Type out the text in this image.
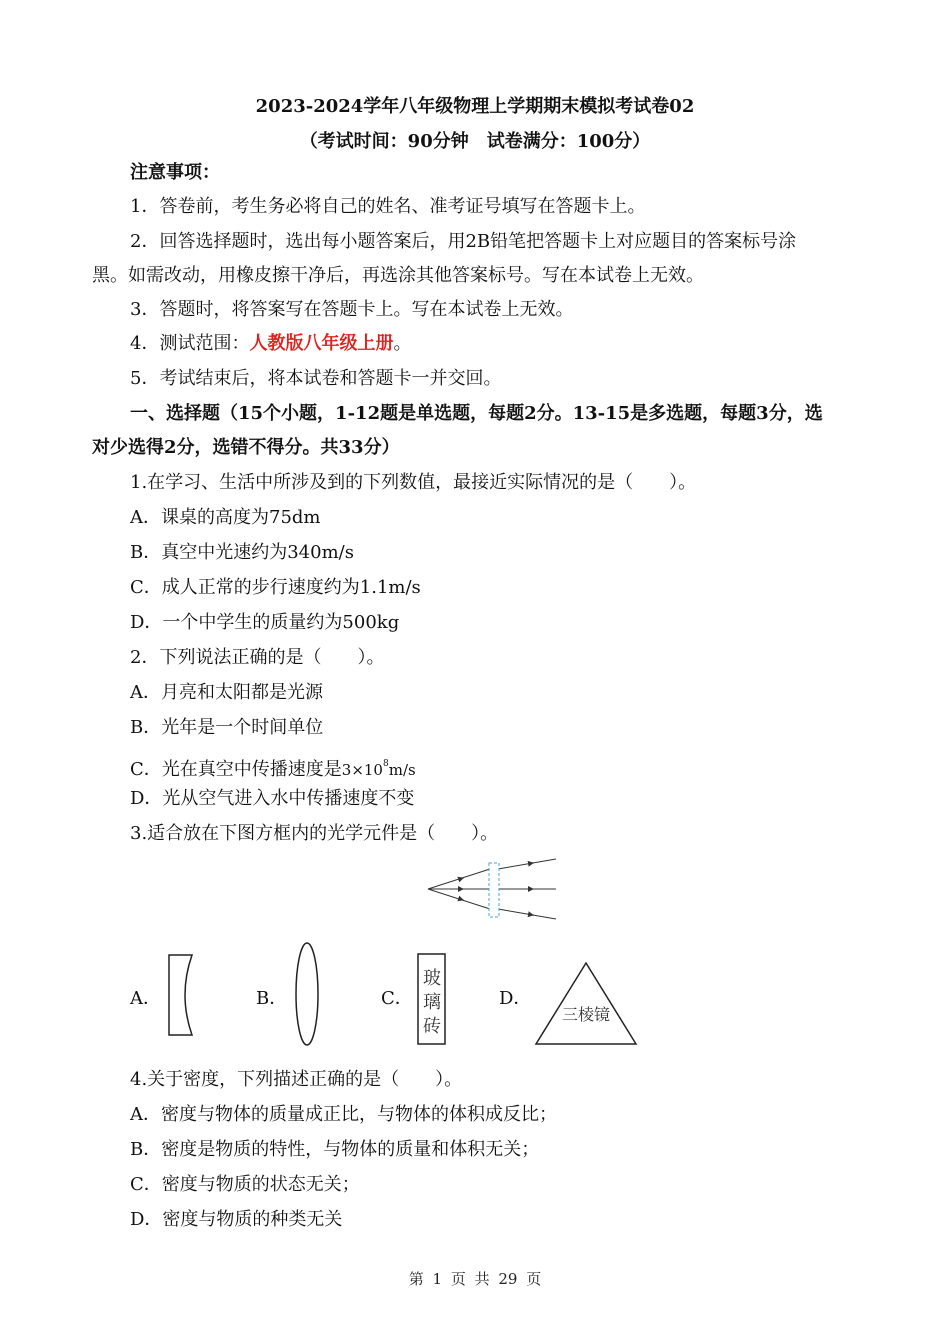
2023-2024学年八年级物理上学期期末模拟考试卷02
（考试时间：90分钟　试卷满分：100分）
注意事项：
1．答卷前，考生务必将自己的姓名、准考证号填写在答题卡上。
2．回答选择题时，选出每小题答案后，用2B铅笔把答题卡上对应题目的答案标号涂
黑。如需改动，用橡皮擦干净后，再选涂其他答案标号。写在本试卷上无效。
3．答题时，将答案写在答题卡上。写在本试卷上无效。
4．测试范围：人教版八年级上册。
5．考试结束后，将本试卷和答题卡一并交回。
一、选择题（15个小题，1-12题是单选题，每题2分。13-15是多选题，每题3分，选
对少选得2分，选错不得分。共33分）
1.在学习、生活中所涉及到的下列数值，最接近实际情况的是（　　）。
A．课桌的高度为75dm
B．真空中光速约为340m/s
C．成人正常的步行速度约为1.1m/s
D．一个中学生的质量约为500kg
2．下列说法正确的是（　　）。
A．月亮和太阳都是光源
B．光年是一个时间单位
C．光在真空中传播速度是$3\times 10^8m/s$
D．光从空气进入水中传播速度不变
3.适合放在下图方框内的光学元件是（　　）。
A．	B．	C．
玻
璃
砖
D．
三棱镜
4.关于密度，下列描述正确的是（　　）。
A．密度与物体的质量成正比，与物体的体积成反比；
B．密度是物质的特性，与物体的质量和体积无关；
C．密度与物质的状态无关；
D．密度与物质的种类无关
第 1 页 共 29 页
